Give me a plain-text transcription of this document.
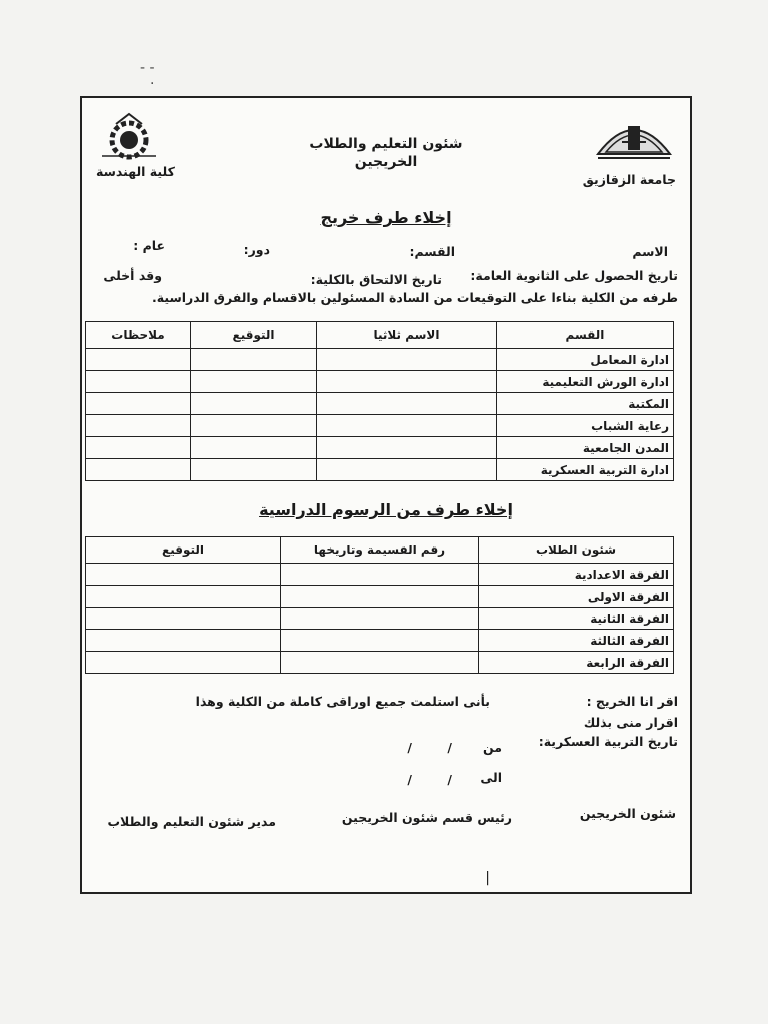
- -
.
جامعة الزقازيق
كلية الهندسة
شئون التعليم والطلاب
الخريجين
إخلاء طرف خريج
الاسم
القسم:
دور:
عام :
تاريخ الحصول على الثانوية العامة:
تاريخ الالتحاق بالكلية:
وقد أخلى
طرفه من الكلية بناءا على التوقيعات من السادة المسئولين بالاقسام والفرق الدراسية.
القسم	الاسم ثلاثيا	التوقيع	ملاحظات
ادارة المعامل			
ادارة الورش التعليمية			
المكتبة			
رعاية الشباب			
المدن الجامعية			
ادارة التربية العسكرية			
إخلاء طرف من الرسوم الدراسية
شئون الطلاب	رقم القسيمة وتاريخها	التوقيع
الفرقة الاعدادية		
الفرقة الاولى		
الفرقة الثانية		
الفرقة الثالثة		
الفرقة الرابعة		
اقر انا الخريج :
بأنى استلمت جميع اوراقى كاملة من الكلية وهذا
اقرار منى بذلك
تاريخ التربية العسكرية:
من
/
/
الى
/
/
شئون الخريجين
رئيس قسم شئون الخريجين
مدير شئون التعليم والطلاب
|
